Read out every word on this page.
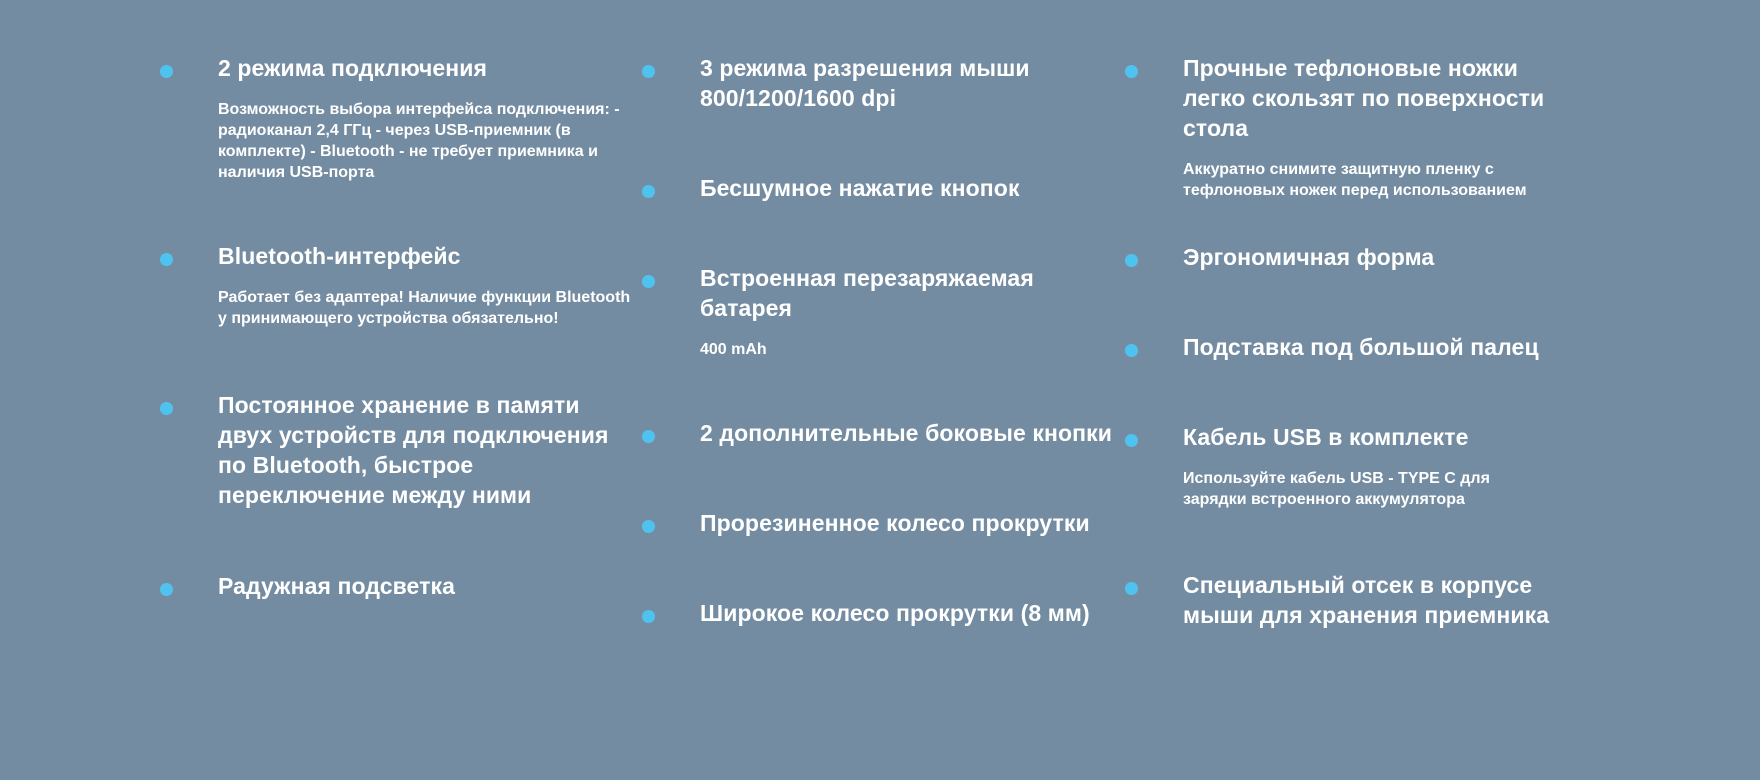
2 режима подключения
Возможность выбора интерфейса подключения: - радиоканал 2,4 ГГц - через USB-приемник (в комплекте) - Bluetooth - не требует приемника и наличия USB-порта
Bluetooth-интерфейс
Работает без адаптера! Наличие функции Bluetooth у принимающего устройства обязательно!
Постоянное хранение в памяти двух устройств для подключения по Bluetooth, быстрое переключение между ними
Радужная подсветка
3 режима разрешения мыши 800/1200/1600 dpi
Бесшумное нажатие кнопок
Встроенная перезаряжаемая батарея
400 mAh
2 дополнительные боковые кнопки
Прорезиненное колесо прокрутки
Широкое колесо прокрутки (8 мм)
Прочные тефлоновые ножки легко скользят по поверхности стола
Аккуратно снимите защитную пленку с тефлоновых ножек перед использованием
Эргономичная форма
Подставка под большой палец
Кабель USB в комплекте
Используйте кабель USB - TYPE C для зарядки встроенного аккумулятора
Специальный отсек в корпусе мыши для хранения приемника
